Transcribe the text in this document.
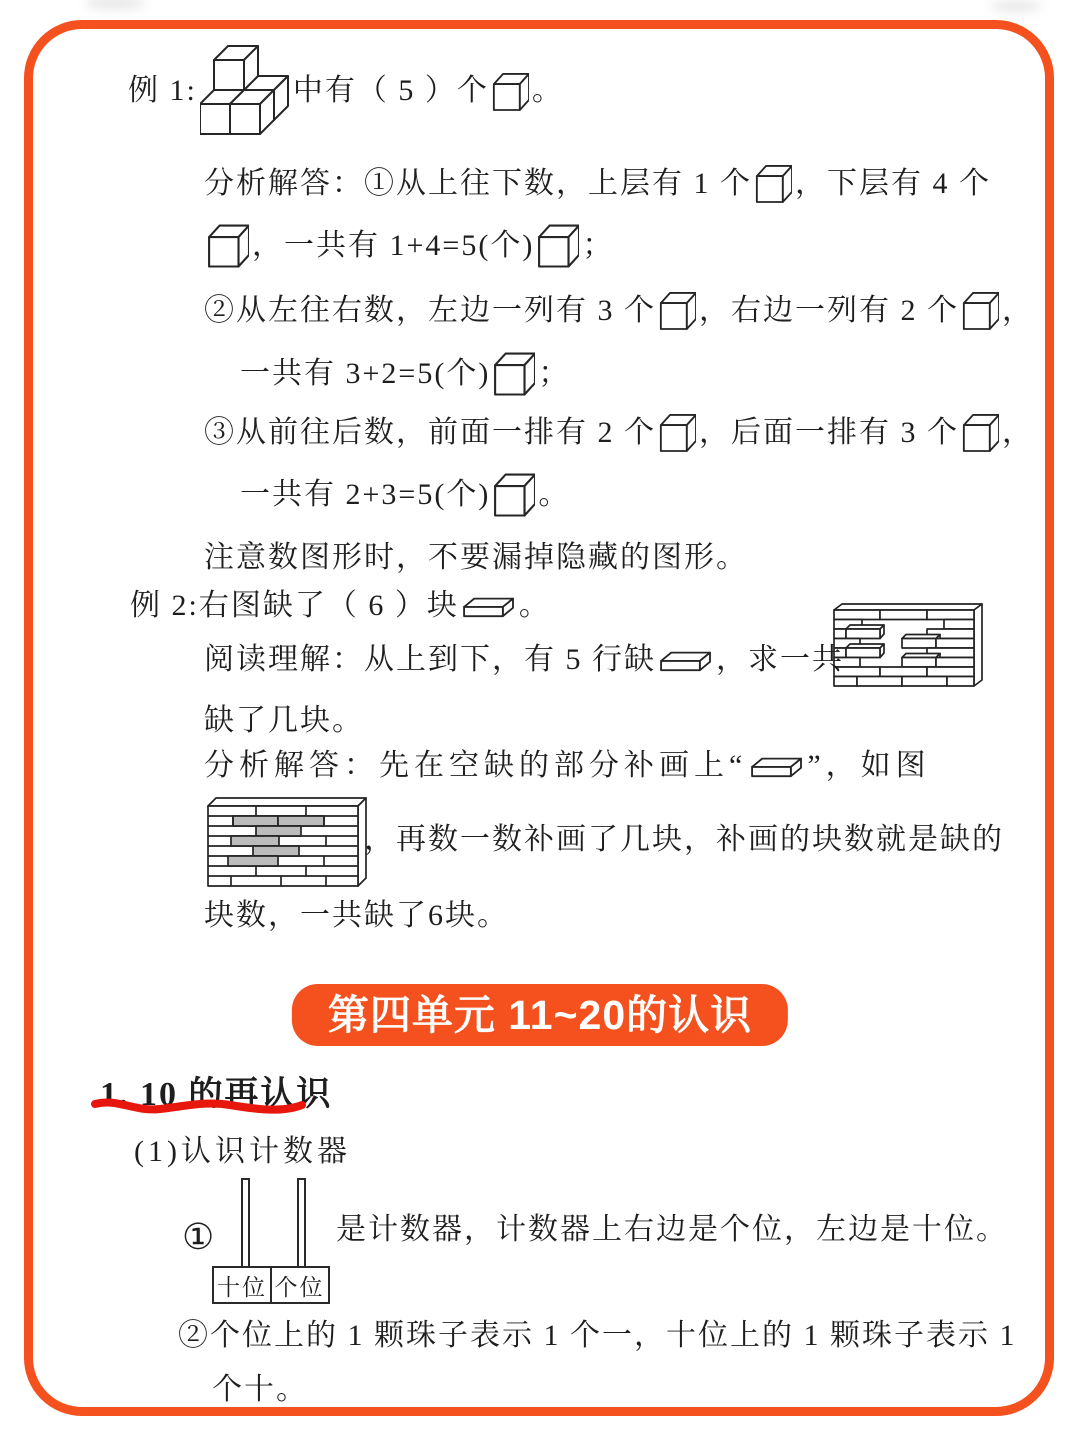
例 1:	中有（ 5 ）个 。
分析解答：①从上往下数，上层有 1 个 ，下层有 4 个
，一共有 1+4=5(个) ；
②从左往右数，左边一列有 3 个 ，右边一列有 2 个 ，
一共有 3+2=5(个) ；
③从前往后数，前面一排有 2 个 ，后面一排有 3 个 ，
一共有 2+3=5(个) 。
注意数图形时，不要漏掉隐藏的图形。
例 2: 右图缺了（ 6 ）块 。
阅读理解：从上到下，有 5 行缺 ，求一共
缺了几块。
分析解答：先在空缺的部分补画上“ ”，如图
，再数一数补画了几块，补画的块数就是缺的
块数，一共缺了6块。
第四单元 11~20的认识
1. 10 的再认识
(1)认识计数器
①
十位 个位
是计数器，计数器上右边是个位，左边是十位。
②个位上的 1 颗珠子表示 1 个一，十位上的 1 颗珠子表示 1
个十。
